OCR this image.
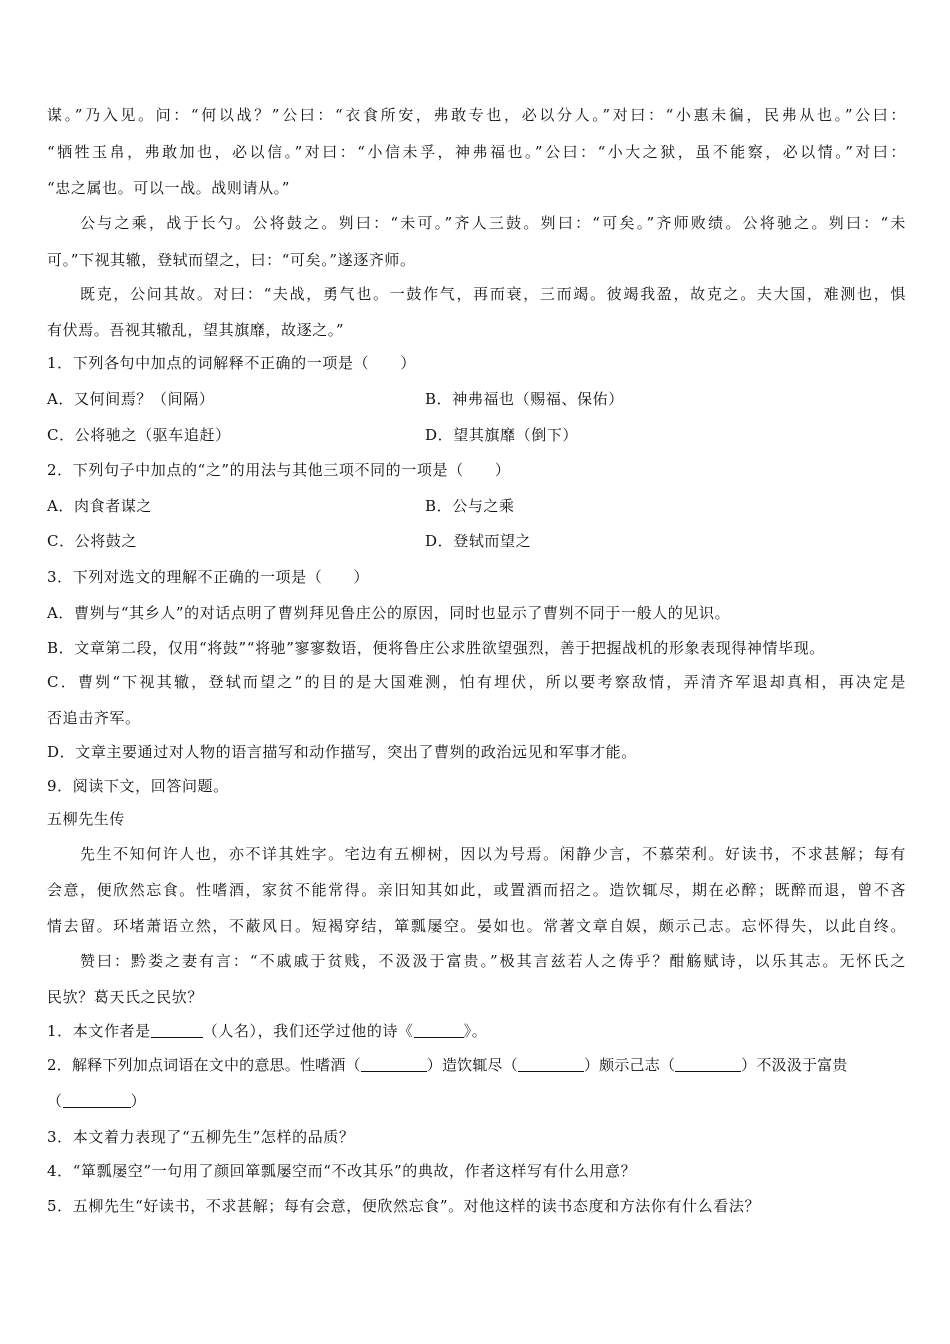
谋。”乃入见。问：“何以战？”公曰：“衣食所安，弗敢专也，必以分人。”对曰：“小惠未徧，民弗从也。”公曰：
“牺牲玉帛，弗敢加也，必以信。”对曰：“小信未孚，神弗福也。”公曰：“小大之狱，虽不能察，必以情。”对曰：
“忠之属也。可以一战。战则请从。”
公与之乘，战于长勺。公将鼓之。刿曰：“未可。”齐人三鼓。刿曰：“可矣。”齐师败绩。公将驰之。刿曰：“未
可。”下视其辙，登轼而望之，曰：“可矣。”遂逐齐师。
既克，公问其故。对曰：“夫战，勇气也。一鼓作气，再而衰，三而竭。彼竭我盈，故克之。夫大国，难测也，惧
有伏焉。吾视其辙乱，望其旗靡，故逐之。”
1．下列各句中加点的词解释不正确的一项是（　　）
A．又何间焉？（间隔）	B．神弗福也（赐福、保佑）
C．公将驰之（驱车追赶）	D．望其旗靡（倒下）
2．下列句子中加点的“之”的用法与其他三项不同的一项是（　　）
A．肉食者谋之	B．公与之乘
C．公将鼓之	D．登轼而望之
3．下列对选文的理解不正确的一项是（　　）
A．曹刿与“其乡人”的对话点明了曹刿拜见鲁庄公的原因，同时也显示了曹刿不同于一般人的见识。
B．文章第二段，仅用“将鼓”“将驰”寥寥数语，便将鲁庄公求胜欲望强烈，善于把握战机的形象表现得神情毕现。
C．曹刿“下视其辙，登轼而望之”的目的是大国难测，怕有埋伏，所以要考察敌情，弄清齐军退却真相，再决定是
否追击齐军。
D．文章主要通过对人物的语言描写和动作描写，突出了曹刿的政治远见和军事才能。
9．阅读下文，回答问题。
五柳先生传
先生不知何许人也，亦不详其姓字。宅边有五柳树，因以为号焉。闲静少言，不慕荣利。好读书，不求甚解；每有
会意，便欣然忘食。性嗜酒，家贫不能常得。亲旧知其如此，或置酒而招之。造饮辄尽，期在必醉；既醉而退，曾不吝
情去留。环堵萧语立然，不蔽风日。短褐穿结，箪瓢屡空。晏如也。常著文章自娱，颇示己志。忘怀得失，以此自终。
赞曰：黔娄之妻有言：“不戚戚于贫贱，不汲汲于富贵。”极其言兹若人之俦乎？酣觞赋诗，以乐其志。无怀氏之
民欤？葛天氏之民欤？
1．本文作者是	（人名），我们还学过他的诗《	》。
2．解释下列加点词语在文中的意思。性嗜酒（	）造饮辄尽（	）颇示己志（	）不汲汲于富贵
（	）
3．本文着力表现了“五柳先生”怎样的品质？
4．“箪瓢屡空”一句用了颜回箪瓢屡空而“不改其乐”的典故，作者这样写有什么用意？
5．五柳先生“好读书，不求甚解；每有会意，便欣然忘食”。对他这样的读书态度和方法你有什么看法？
